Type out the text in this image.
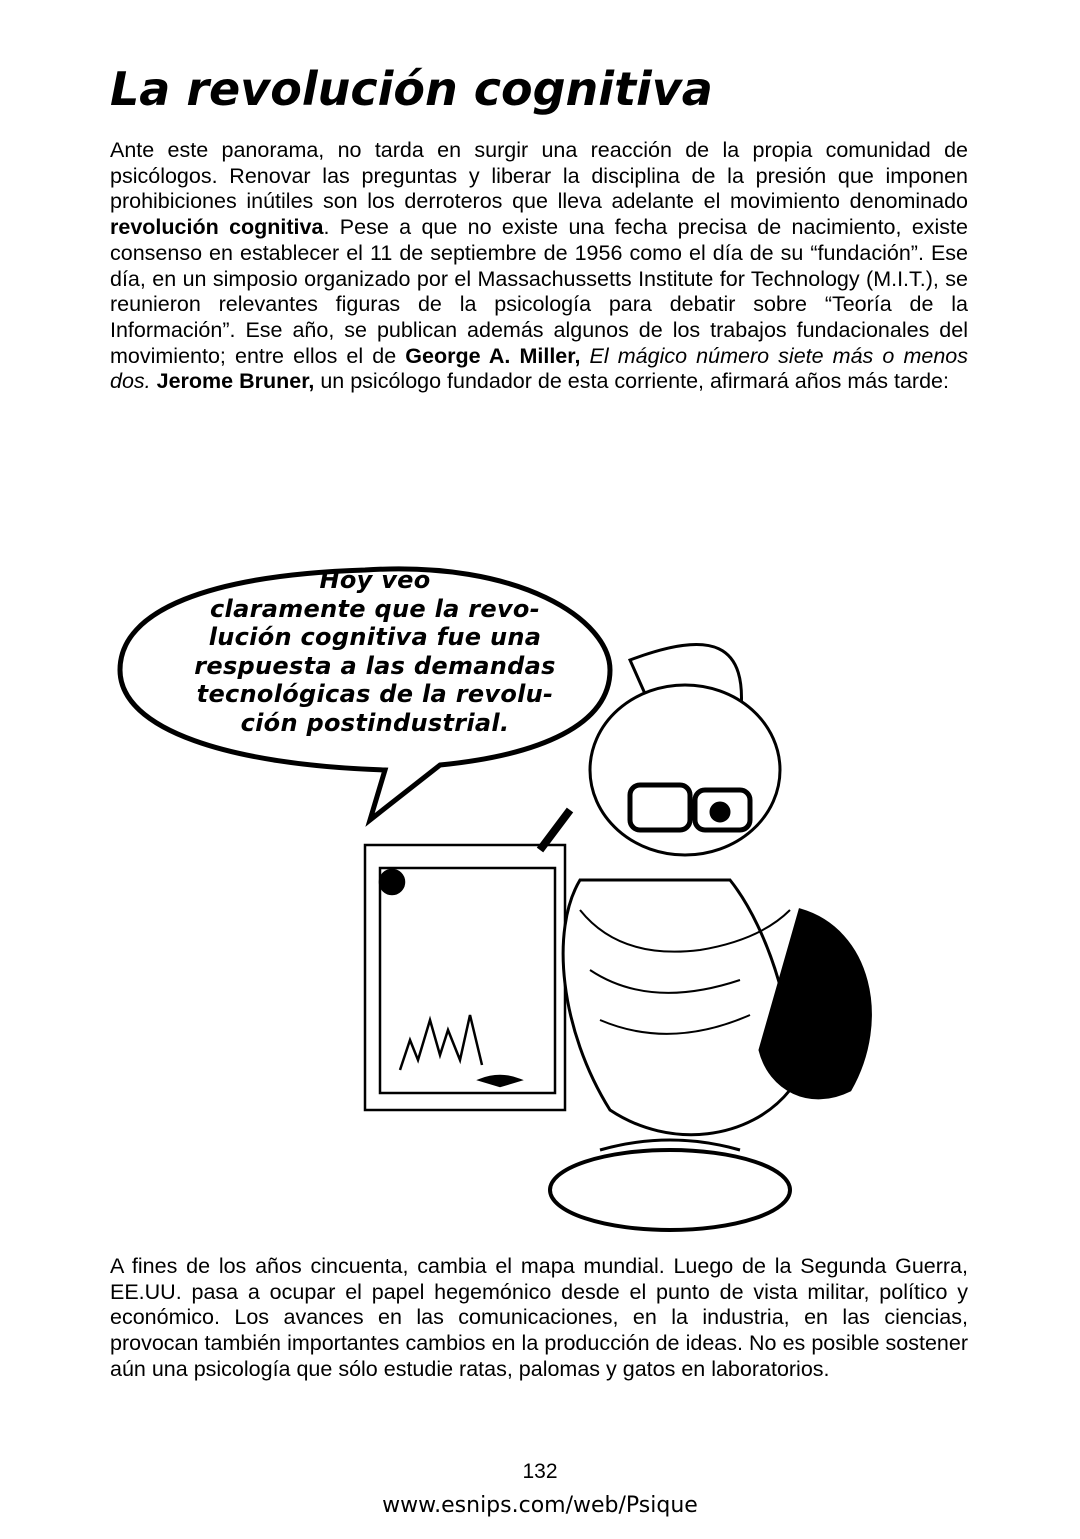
La revolución cognitiva

Ante este panorama, no tarda en surgir una reacción de la propia comunidad de psicólogos. Renovar las preguntas y liberar la disciplina de la presión que imponen prohibiciones inútiles son los derroteros que lleva adelante el movimiento denominado revolución cognitiva. Pese a que no existe una fecha precisa de nacimiento, existe consenso en establecer el 11 de septiembre de 1956 como el día de su “fundación”. Ese día, en un simposio organizado por el Massachussetts Institute for Technology (M.I.T.), se reunieron relevantes figuras de la psicología para debatir sobre “Teoría de la Información”. Ese año, se publican además algunos de los trabajos fundacionales del movimiento; entre ellos el de George A. Miller, El mágico número siete más o menos dos. Jerome Bruner, un psicólogo fundador de esta corriente, afirmará años más tarde:

Hoy veo
claramente que la revo-
lución cognitiva fue una
respuesta a las demandas
tecnológicas de la revolu-
ción postindustrial.

A fines de los años cincuenta, cambia el mapa mundial. Luego de la Segunda Guerra, EE.UU. pasa a ocupar el papel hegemónico desde el punto de vista militar, político y económico. Los avances en las comunicaciones, en la industria, en las ciencias, provocan también importantes cambios en la producción de ideas. No es posible sostener aún una psicología que sólo estudie ratas, palomas y gatos en laboratorios.

132
www.esnips.com/web/Psique
